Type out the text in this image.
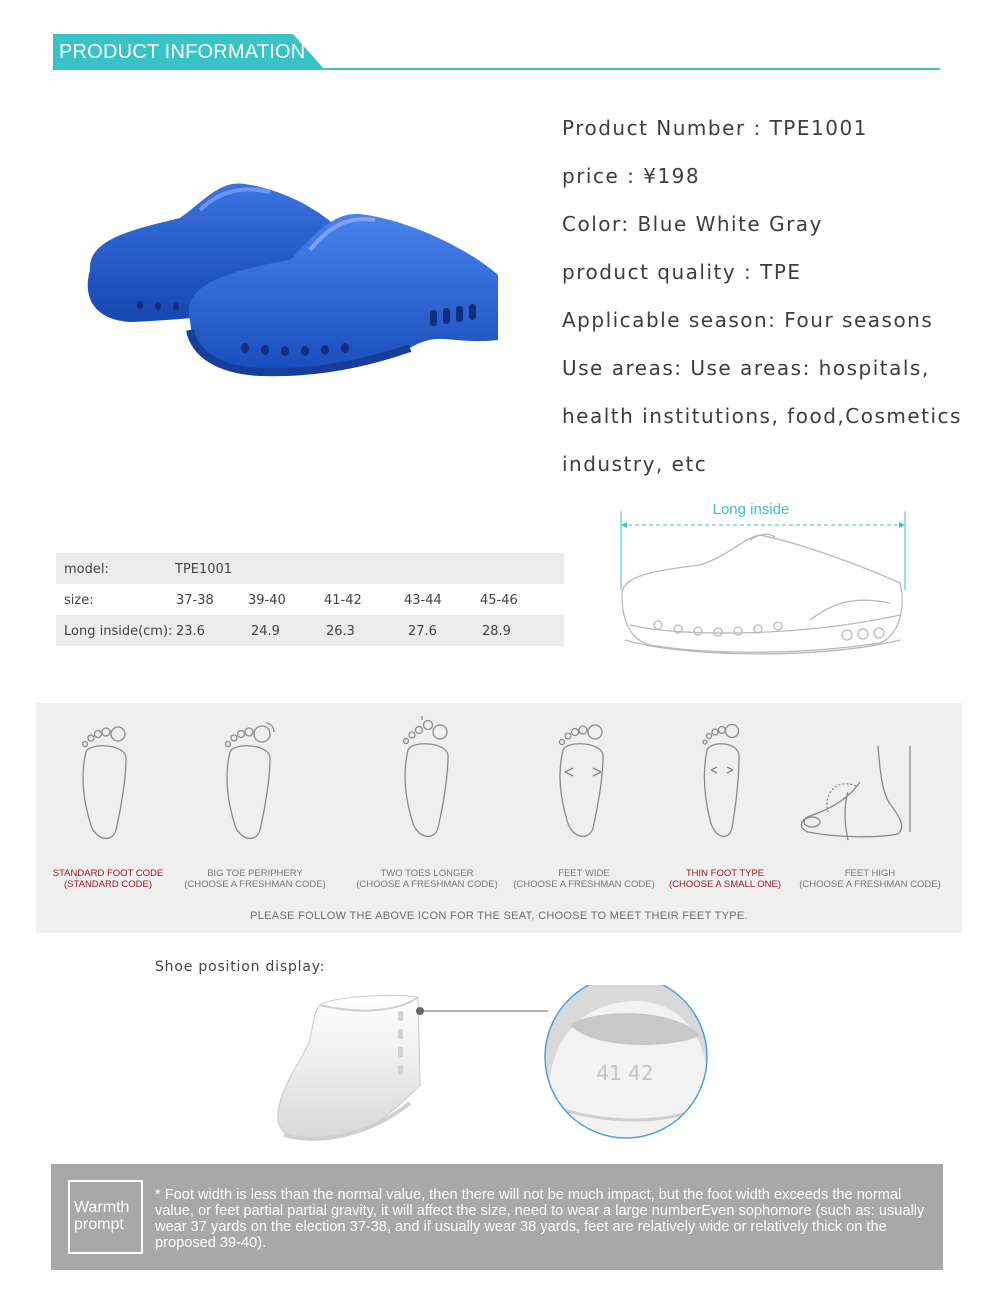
PRODUCT INFORMATION
Product Number : TPE1001
price : ¥198
Color: Blue White Gray
product quality : TPE
Applicable season: Four seasons
Use areas: Use areas: hospitals,
health institutions, food,Cosmetics
industry, etc
model:	TPE1001
size:	37-38	39-40	41-42	43-44	45-46
Long inside(cm): 23.6	24.9	26.3	27.6	28.9
Long inside
STANDARD FOOT CODE
(STANDARD CODE)
BIG TOE PERIPHERY
(CHOOSE A FRESHMAN CODE)
TWO TOES LONGER
(CHOOSE A FRESHMAN CODE)
FEET WIDE
(CHOOSE A FRESHMAN CODE)
THIN FOOT TYPE
(CHOOSE A SMALL ONE)
FEET HIGH
(CHOOSE A FRESHMAN CODE)
PLEASE FOLLOW THE ABOVE ICON FOR THE SEAT, CHOOSE TO MEET THEIR FEET TYPE.
Shoe position display:
41 42
Warmth
prompt
* Foot width is less than the normal value, then there will not be much impact, but the foot width exceeds the normal value, or feet partial partial gravity, it will affect the size, need to wear a large numberEven sophomore (such as: usually wear 37 yards on the election 37-38, and if usually wear 38 yards, feet are relatively wide or relatively thick on the proposed 39-40).
